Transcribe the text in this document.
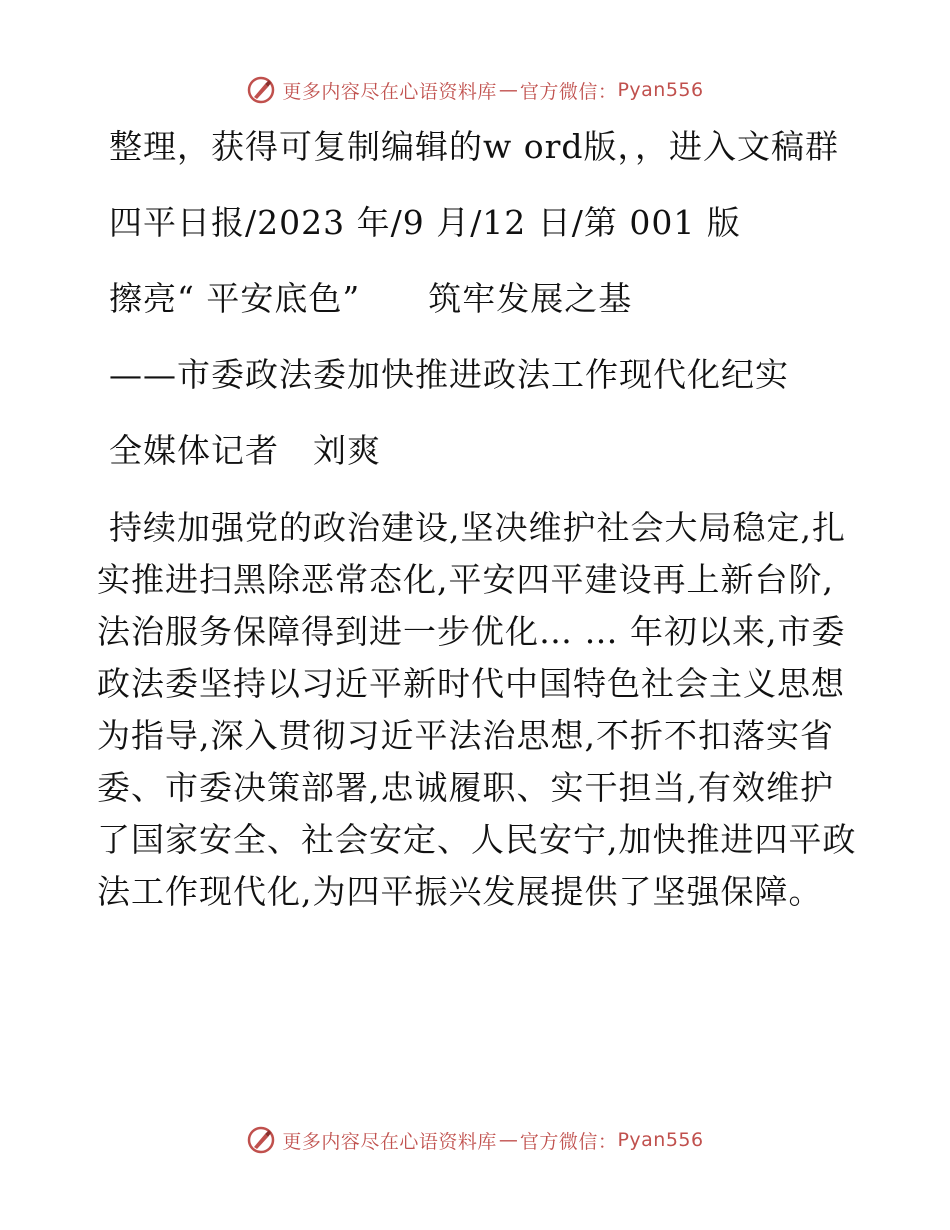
更多内容尽在心语资料库 — 官方微信： Pyan556

整理，获得可复制编辑的w ord版，，进入文稿群

四平日报/2023 年/9 月/12 日/第 001 版

擦亮“ 平安底色”　　筑牢发展之基

——市委政法委加快推进政法工作现代化纪实

全媒体记者　刘爽

持续加强党的政治建设,坚决维护社会大局稳定,扎实推进扫黑除恶常态化,平安四平建设再上新台阶,法治服务保障得到进一步优化… … 年初以来,市委政法委坚持以习近平新时代中国特色社会主义思想为指导,深入贯彻习近平法治思想,不折不扣落实省委、市委决策部署,忠诚履职、实干担当,有效维护了国家安全、社会安定、人民安宁,加快推进四平政法工作现代化,为四平振兴发展提供了坚强保障。

更多内容尽在心语资料库 — 官方微信： Pyan556
